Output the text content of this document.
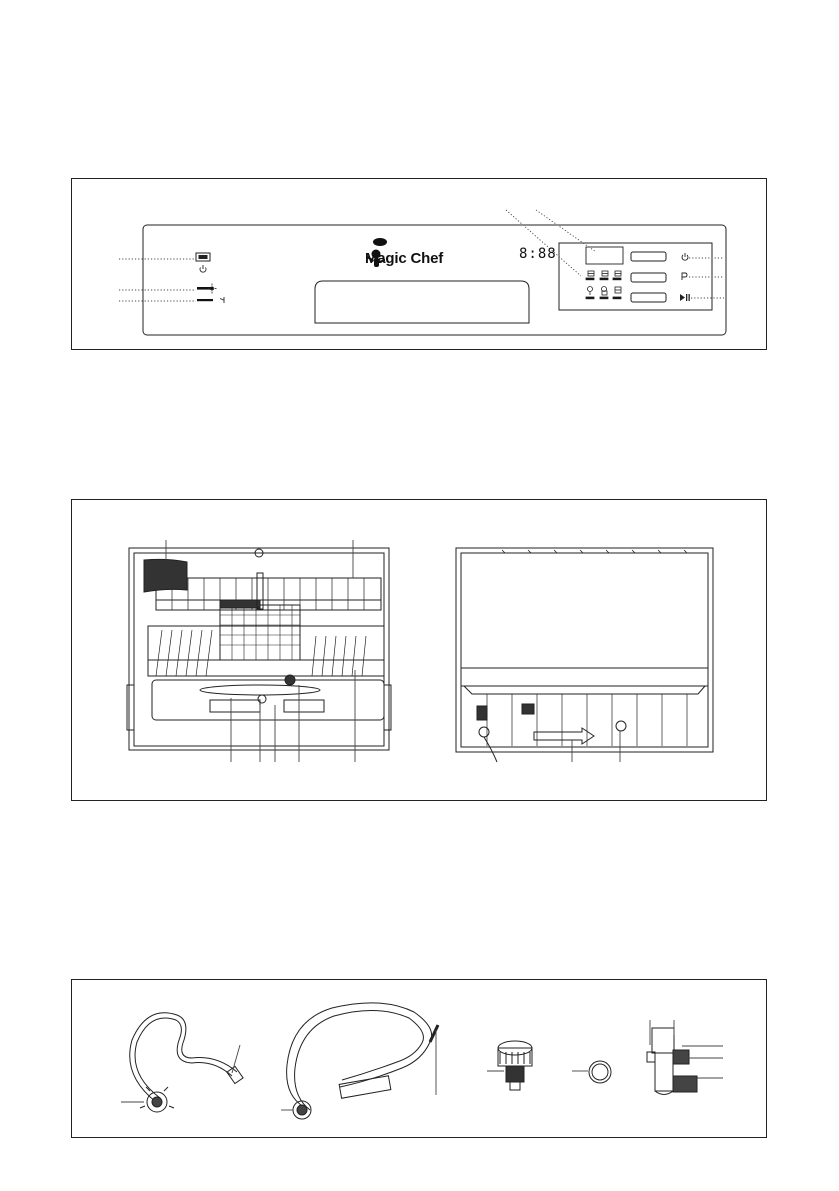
Magic Chef	8:88
